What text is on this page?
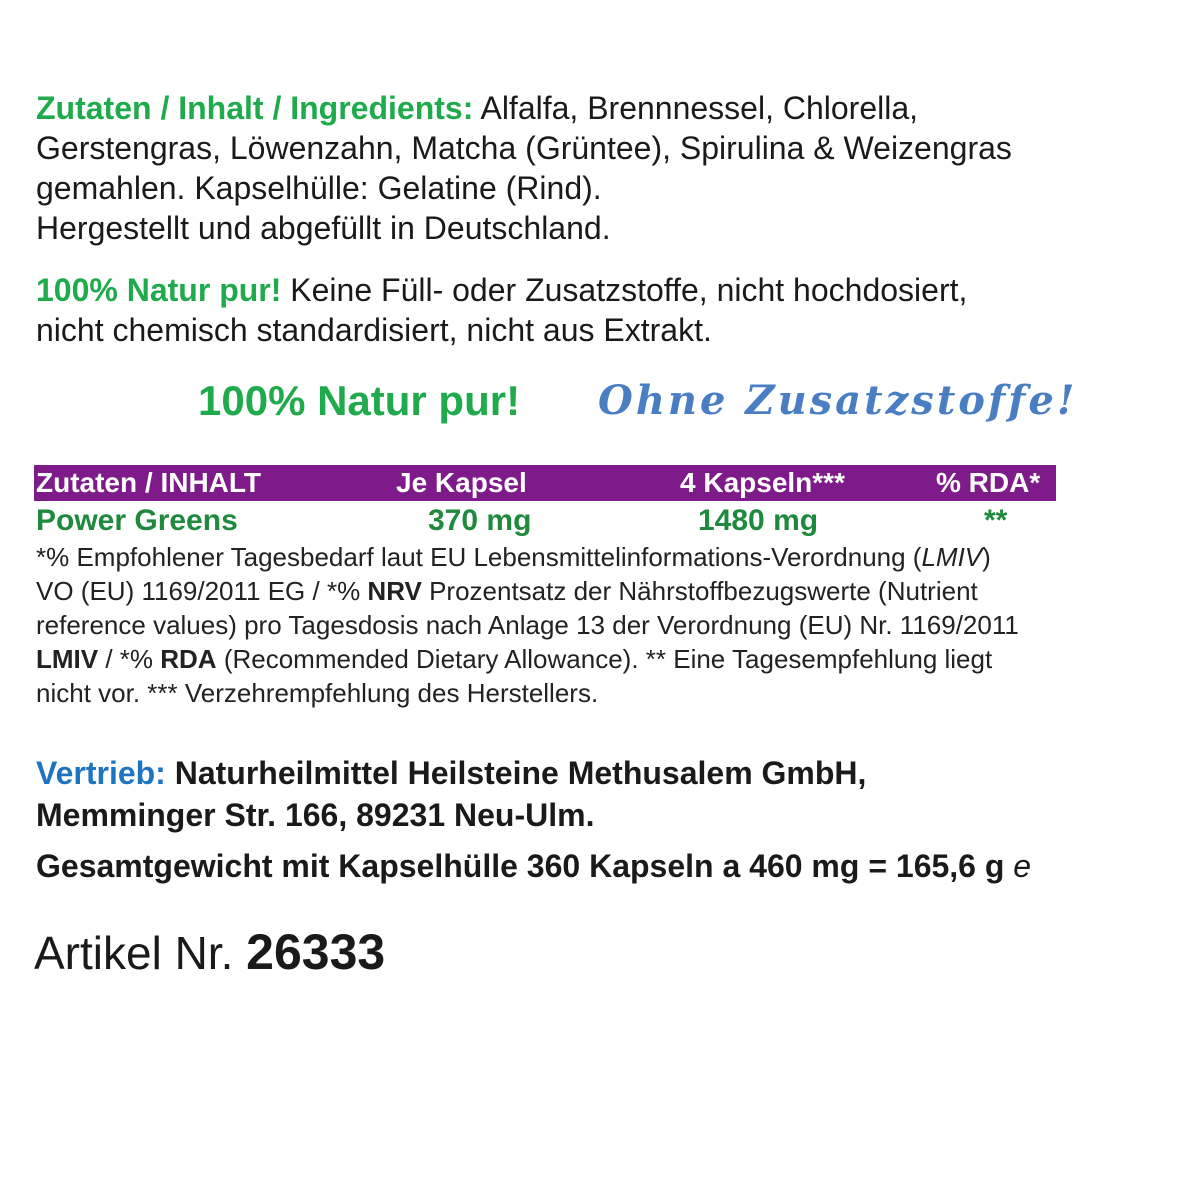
Zutaten / Inhalt / Ingredients: Alfalfa, Brennnessel, Chlorella,

Gerstengras, Löwenzahn, Matcha (Grüntee), Spirulina & Weizengras

gemahlen. Kapselhülle: Gelatine (Rind).

Hergestellt und abgefüllt in Deutschland.

100% Natur pur! Keine Füll- oder Zusatzstoffe, nicht hochdosiert,

nicht chemisch standardisiert, nicht aus Extrakt.

100% Natur pur! Ohne Zusatzstoffe!
Zutaten / INHALT	Je Kapsel	4 Kapseln***	% RDA*
Power Greens	370 mg	1480 mg	**

*% Empfohlener Tagesbedarf laut EU Lebensmittelinformations-Verordnung (LMIV)

VO (EU) 1169/2011 EG / *% NRV Prozentsatz der Nährstoffbezugswerte (Nutrient

reference values) pro Tagesdosis nach Anlage 13 der Verordnung (EU) Nr. 1169/2011

LMIV / *% RDA (Recommended Dietary Allowance). ** Eine Tagesempfehlung liegt

nicht vor. *** Verzehrempfehlung des Herstellers.

Vertrieb: Naturheilmittel Heilsteine Methusalem GmbH,

Memminger Str. 166, 89231 Neu-Ulm.

Gesamtgewicht mit Kapselhülle 360 Kapseln a 460 mg = 165,6 g e
Artikel Nr. 26333
